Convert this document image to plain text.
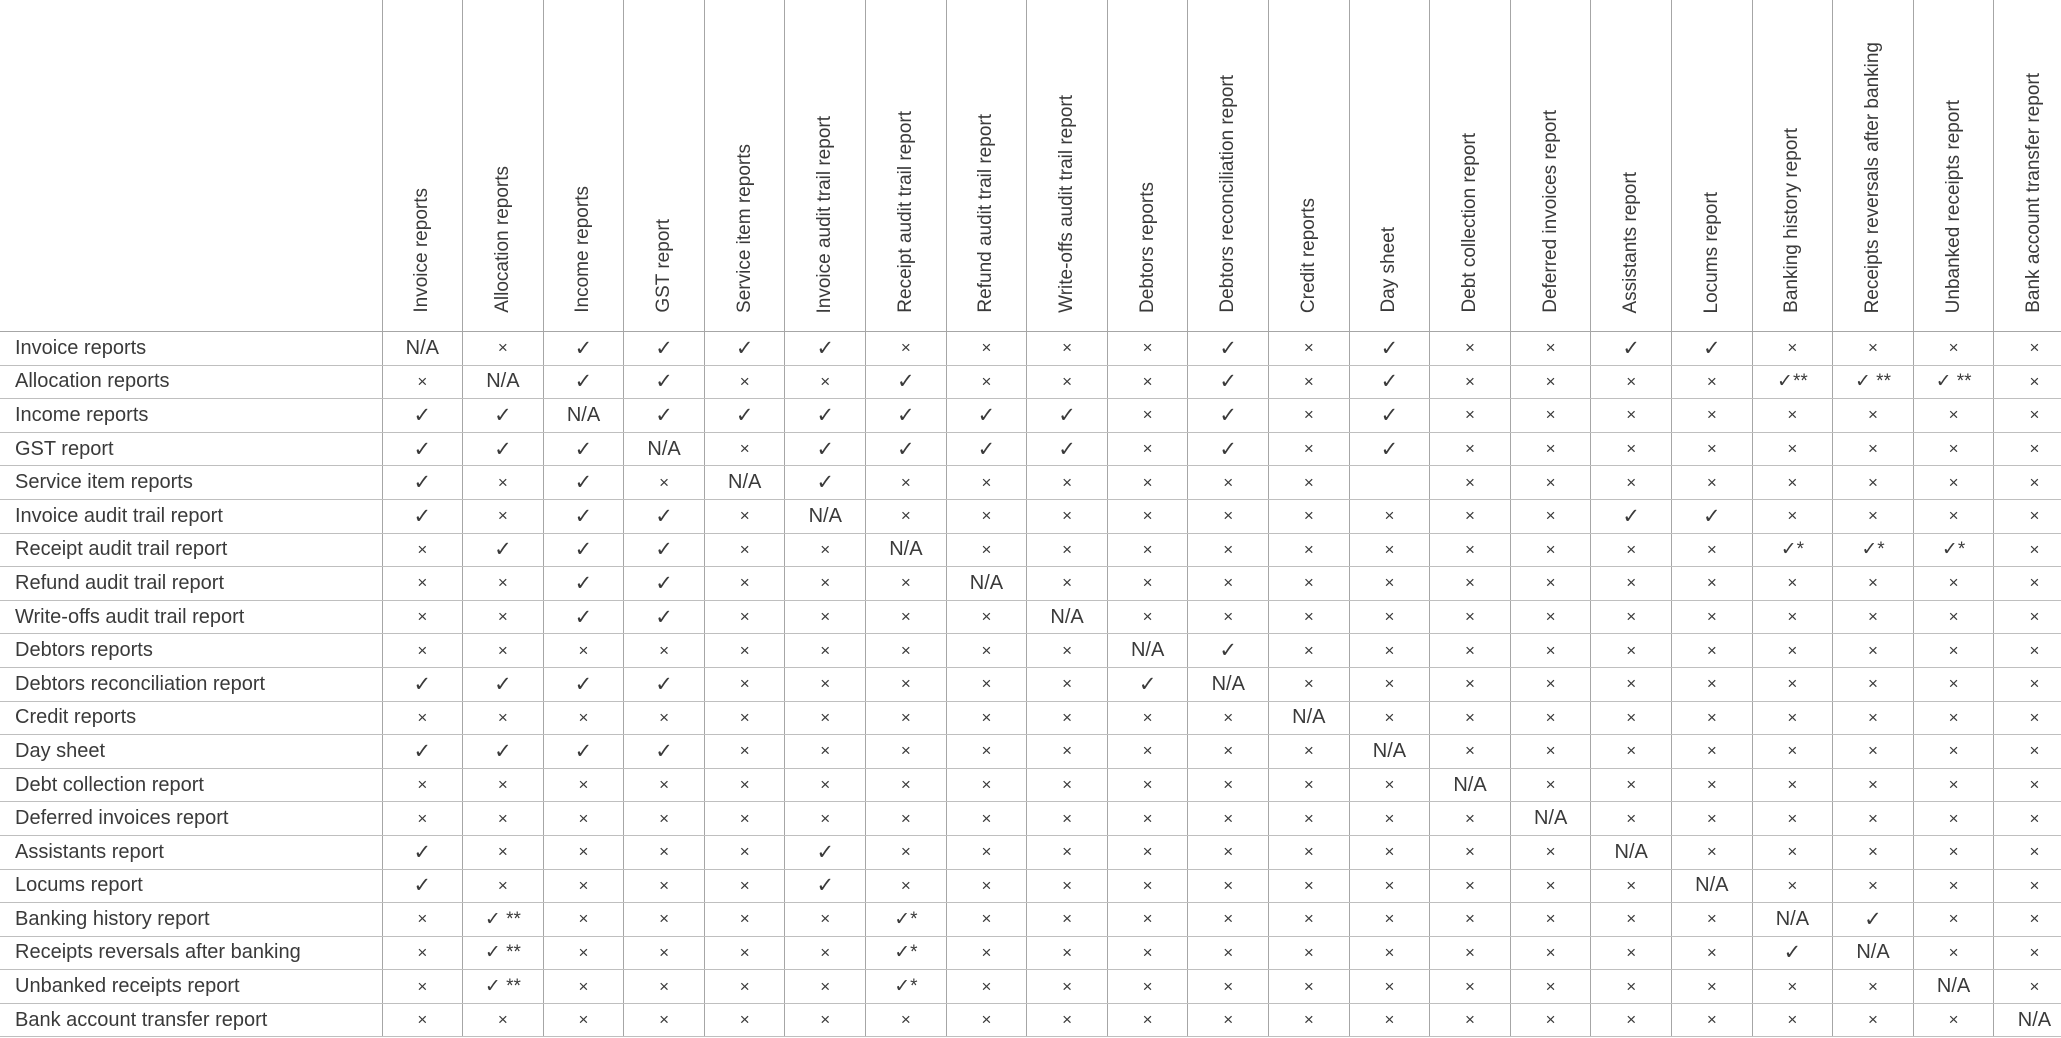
	Invoice reports	Allocation reports	Income reports	GST report	Service item reports	Invoice audit trail report	Receipt audit trail report	Refund audit trail report	Write-offs audit trail report	Debtors reports	Debtors reconciliation report	Credit reports	Day sheet	Debt collection report	Deferred invoices report	Assistants report	Locums report	Banking history report	Receipts reversals after banking	Unbanked receipts report	Bank account transfer report

Invoice reports	N/A	×	✓	✓	✓	✓	×	×	×	×	✓	×	✓	×	×	✓	✓	×	×	×	×
Allocation reports	×	N/A	✓	✓	×	×	✓	×	×	×	✓	×	✓	×	×	×	×	✓**	✓ **	✓ **	×
Income reports	✓	✓	N/A	✓	✓	✓	✓	✓	✓	×	✓	×	✓	×	×	×	×	×	×	×	×
GST report	✓	✓	✓	N/A	×	✓	✓	✓	✓	×	✓	×	✓	×	×	×	×	×	×	×	×
Service item reports	✓	×	✓	×	N/A	✓	×	×	×	×	×	×		×	×	×	×	×	×	×	×
Invoice audit trail report	✓	×	✓	✓	×	N/A	×	×	×	×	×	×	×	×	×	✓	✓	×	×	×	×
Receipt audit trail report	×	✓	✓	✓	×	×	N/A	×	×	×	×	×	×	×	×	×	×	✓*	✓*	✓*	×
Refund audit trail report	×	×	✓	✓	×	×	×	N/A	×	×	×	×	×	×	×	×	×	×	×	×	×
Write-offs audit trail report	×	×	✓	✓	×	×	×	×	N/A	×	×	×	×	×	×	×	×	×	×	×	×
Debtors reports	×	×	×	×	×	×	×	×	×	N/A	✓	×	×	×	×	×	×	×	×	×	×
Debtors reconciliation report	✓	✓	✓	✓	×	×	×	×	×	✓	N/A	×	×	×	×	×	×	×	×	×	×
Credit reports	×	×	×	×	×	×	×	×	×	×	×	N/A	×	×	×	×	×	×	×	×	×
Day sheet	✓	✓	✓	✓	×	×	×	×	×	×	×	×	N/A	×	×	×	×	×	×	×	×
Debt collection report	×	×	×	×	×	×	×	×	×	×	×	×	×	N/A	×	×	×	×	×	×	×
Deferred invoices report	×	×	×	×	×	×	×	×	×	×	×	×	×	×	N/A	×	×	×	×	×	×
Assistants report	✓	×	×	×	×	✓	×	×	×	×	×	×	×	×	×	N/A	×	×	×	×	×
Locums report	✓	×	×	×	×	✓	×	×	×	×	×	×	×	×	×	×	N/A	×	×	×	×
Banking history report	×	✓ **	×	×	×	×	✓*	×	×	×	×	×	×	×	×	×	×	N/A	✓	×	×
Receipts reversals after banking	×	✓ **	×	×	×	×	✓*	×	×	×	×	×	×	×	×	×	×	✓	N/A	×	×
Unbanked receipts report	×	✓ **	×	×	×	×	✓*	×	×	×	×	×	×	×	×	×	×	×	×	N/A	×
Bank account transfer report	×	×	×	×	×	×	×	×	×	×	×	×	×	×	×	×	×	×	×	×	N/A
